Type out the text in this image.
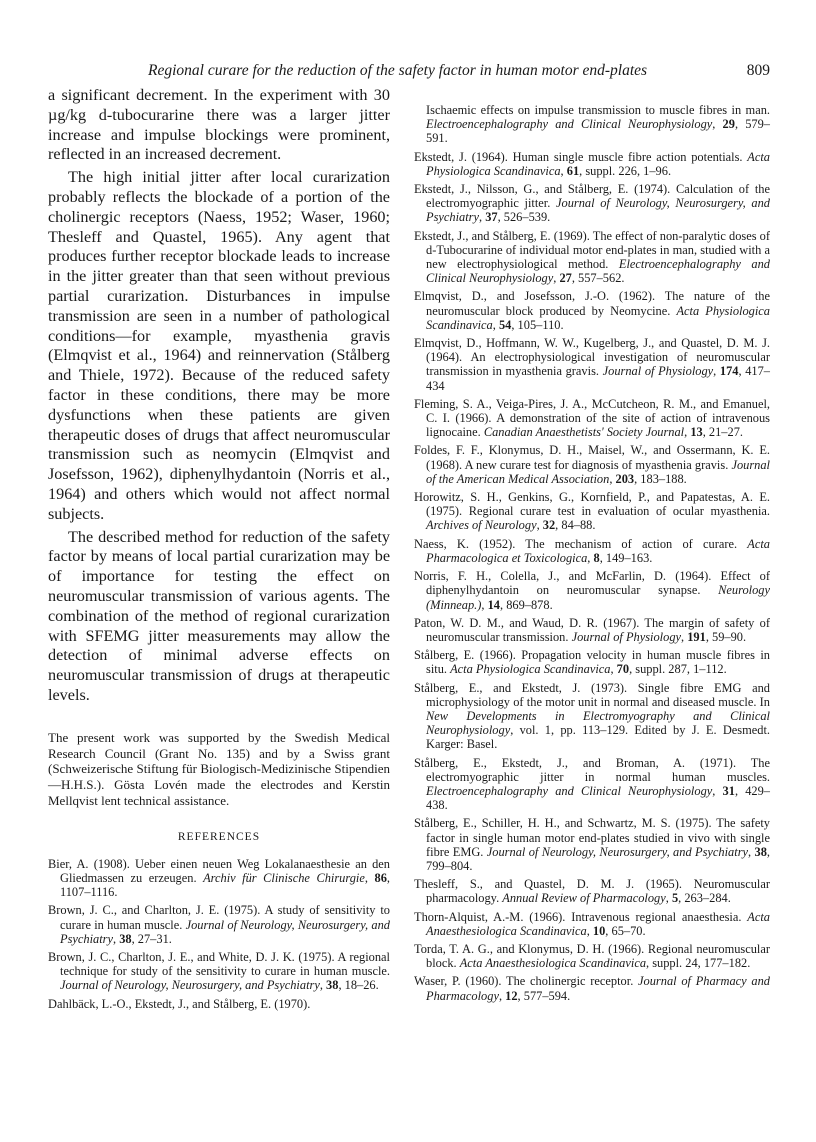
Regional curare for the reduction of the safety factor in human motor end-plates	809

a significant decrement. In the experiment with 30 µg/kg d-tubocurarine there was a larger jitter increase and impulse blockings were prominent, reflected in an increased decrement.

The high initial jitter after local curarization probably reflects the blockade of a portion of the cholinergic receptors (Naess, 1952; Waser, 1960; Thesleff and Quastel, 1965). Any agent that produces further receptor blockade leads to increase in the jitter greater than that seen without previous partial curarization. Disturbances in impulse transmission are seen in a number of pathological conditions—for example, myasthenia gravis (Elmqvist et al., 1964) and reinnervation (Stålberg and Thiele, 1972). Because of the reduced safety factor in these conditions, there may be more dysfunctions when these patients are given therapeutic doses of drugs that affect neuromuscular transmission such as neomycin (Elmqvist and Josefsson, 1962), diphenylhydantoin (Norris et al., 1964) and others which would not affect normal subjects.

The described method for reduction of the safety factor by means of local partial curarization may be of importance for testing the effect on neuromuscular transmission of various agents. The combination of the method of regional curarization with SFEMG jitter measurements may allow the detection of minimal adverse effects on neuromuscular transmission of drugs at therapeutic levels.

The present work was supported by the Swedish Medical Research Council (Grant No. 135) and by a Swiss grant (Schweizerische Stiftung für Biologisch-Medizinische Stipendien—H.H.S.). Gösta Lovén made the electrodes and Kerstin Mellqvist lent technical assistance.
REFERENCES
Bier, A. (1908). Ueber einen neuen Weg Lokalanaesthesie an den Gliedmassen zu erzeugen. Archiv für Clinische Chirurgie, 86, 1107–1116.
Brown, J. C., and Charlton, J. E. (1975). A study of sensitivity to curare in human muscle. Journal of Neurology, Neurosurgery, and Psychiatry, 38, 27–31.
Brown, J. C., Charlton, J. E., and White, D. J. K. (1975). A regional technique for study of the sensitivity to curare in human muscle. Journal of Neurology, Neurosurgery, and Psychiatry, 38, 18–26.
Dahlbäck, L.-O., Ekstedt, J., and Stålberg, E. (1970).
Ischaemic effects on impulse transmission to muscle fibres in man. Electroencephalography and Clinical Neurophysiology, 29, 579–591.
Ekstedt, J. (1964). Human single muscle fibre action potentials. Acta Physiologica Scandinavica, 61, suppl. 226, 1–96.
Ekstedt, J., Nilsson, G., and Stålberg, E. (1974). Calculation of the electromyographic jitter. Journal of Neurology, Neurosurgery, and Psychiatry, 37, 526–539.
Ekstedt, J., and Stålberg, E. (1969). The effect of non-paralytic doses of d-Tubocurarine of individual motor end-plates in man, studied with a new electrophysiological method. Electroencephalography and Clinical Neurophysiology, 27, 557–562.
Elmqvist, D., and Josefsson, J.-O. (1962). The nature of the neuromuscular block produced by Neomycine. Acta Physiologica Scandinavica, 54, 105–110.
Elmqvist, D., Hoffmann, W. W., Kugelberg, J., and Quastel, D. M. J. (1964). An electrophysiological investigation of neuromuscular transmission in myasthenia gravis. Journal of Physiology, 174, 417–434
Fleming, S. A., Veiga-Pires, J. A., McCutcheon, R. M., and Emanuel, C. I. (1966). A demonstration of the site of action of intravenous lignocaine. Canadian Anaesthetists' Society Journal, 13, 21–27.
Foldes, F. F., Klonymus, D. H., Maisel, W., and Ossermann, K. E. (1968). A new curare test for diagnosis of myasthenia gravis. Journal of the American Medical Association, 203, 183–188.
Horowitz, S. H., Genkins, G., Kornfield, P., and Papatestas, A. E. (1975). Regional curare test in evaluation of ocular myasthenia. Archives of Neurology, 32, 84–88.
Naess, K. (1952). The mechanism of action of curare. Acta Pharmacologica et Toxicologica, 8, 149–163.
Norris, F. H., Colella, J., and McFarlin, D. (1964). Effect of diphenylhydantoin on neuromuscular synapse. Neurology (Minneap.), 14, 869–878.
Paton, W. D. M., and Waud, D. R. (1967). The margin of safety of neuromuscular transmission. Journal of Physiology, 191, 59–90.
Stålberg, E. (1966). Propagation velocity in human muscle fibres in situ. Acta Physiologica Scandinavica, 70, suppl. 287, 1–112.
Stålberg, E., and Ekstedt, J. (1973). Single fibre EMG and microphysiology of the motor unit in normal and diseased muscle. In New Developments in Electromyography and Clinical Neurophysiology, vol. 1, pp. 113–129. Edited by J. E. Desmedt. Karger: Basel.
Stålberg, E., Ekstedt, J., and Broman, A. (1971). The electromyographic jitter in normal human muscles. Electroencephalography and Clinical Neurophysiology, 31, 429–438.
Stålberg, E., Schiller, H. H., and Schwartz, M. S. (1975). The safety factor in single human motor end-plates studied in vivo with single fibre EMG. Journal of Neurology, Neurosurgery, and Psychiatry, 38, 799–804.
Thesleff, S., and Quastel, D. M. J. (1965). Neuromuscular pharmacology. Annual Review of Pharmacology, 5, 263–284.
Thorn-Alquist, A.-M. (1966). Intravenous regional anaesthesia. Acta Anaesthesiologica Scandinavica, 10, 65–70.
Torda, T. A. G., and Klonymus, D. H. (1966). Regional neuromuscular block. Acta Anaesthesiologica Scandinavica, suppl. 24, 177–182.
Waser, P. (1960). The cholinergic receptor. Journal of Pharmacy and Pharmacology, 12, 577–594.
